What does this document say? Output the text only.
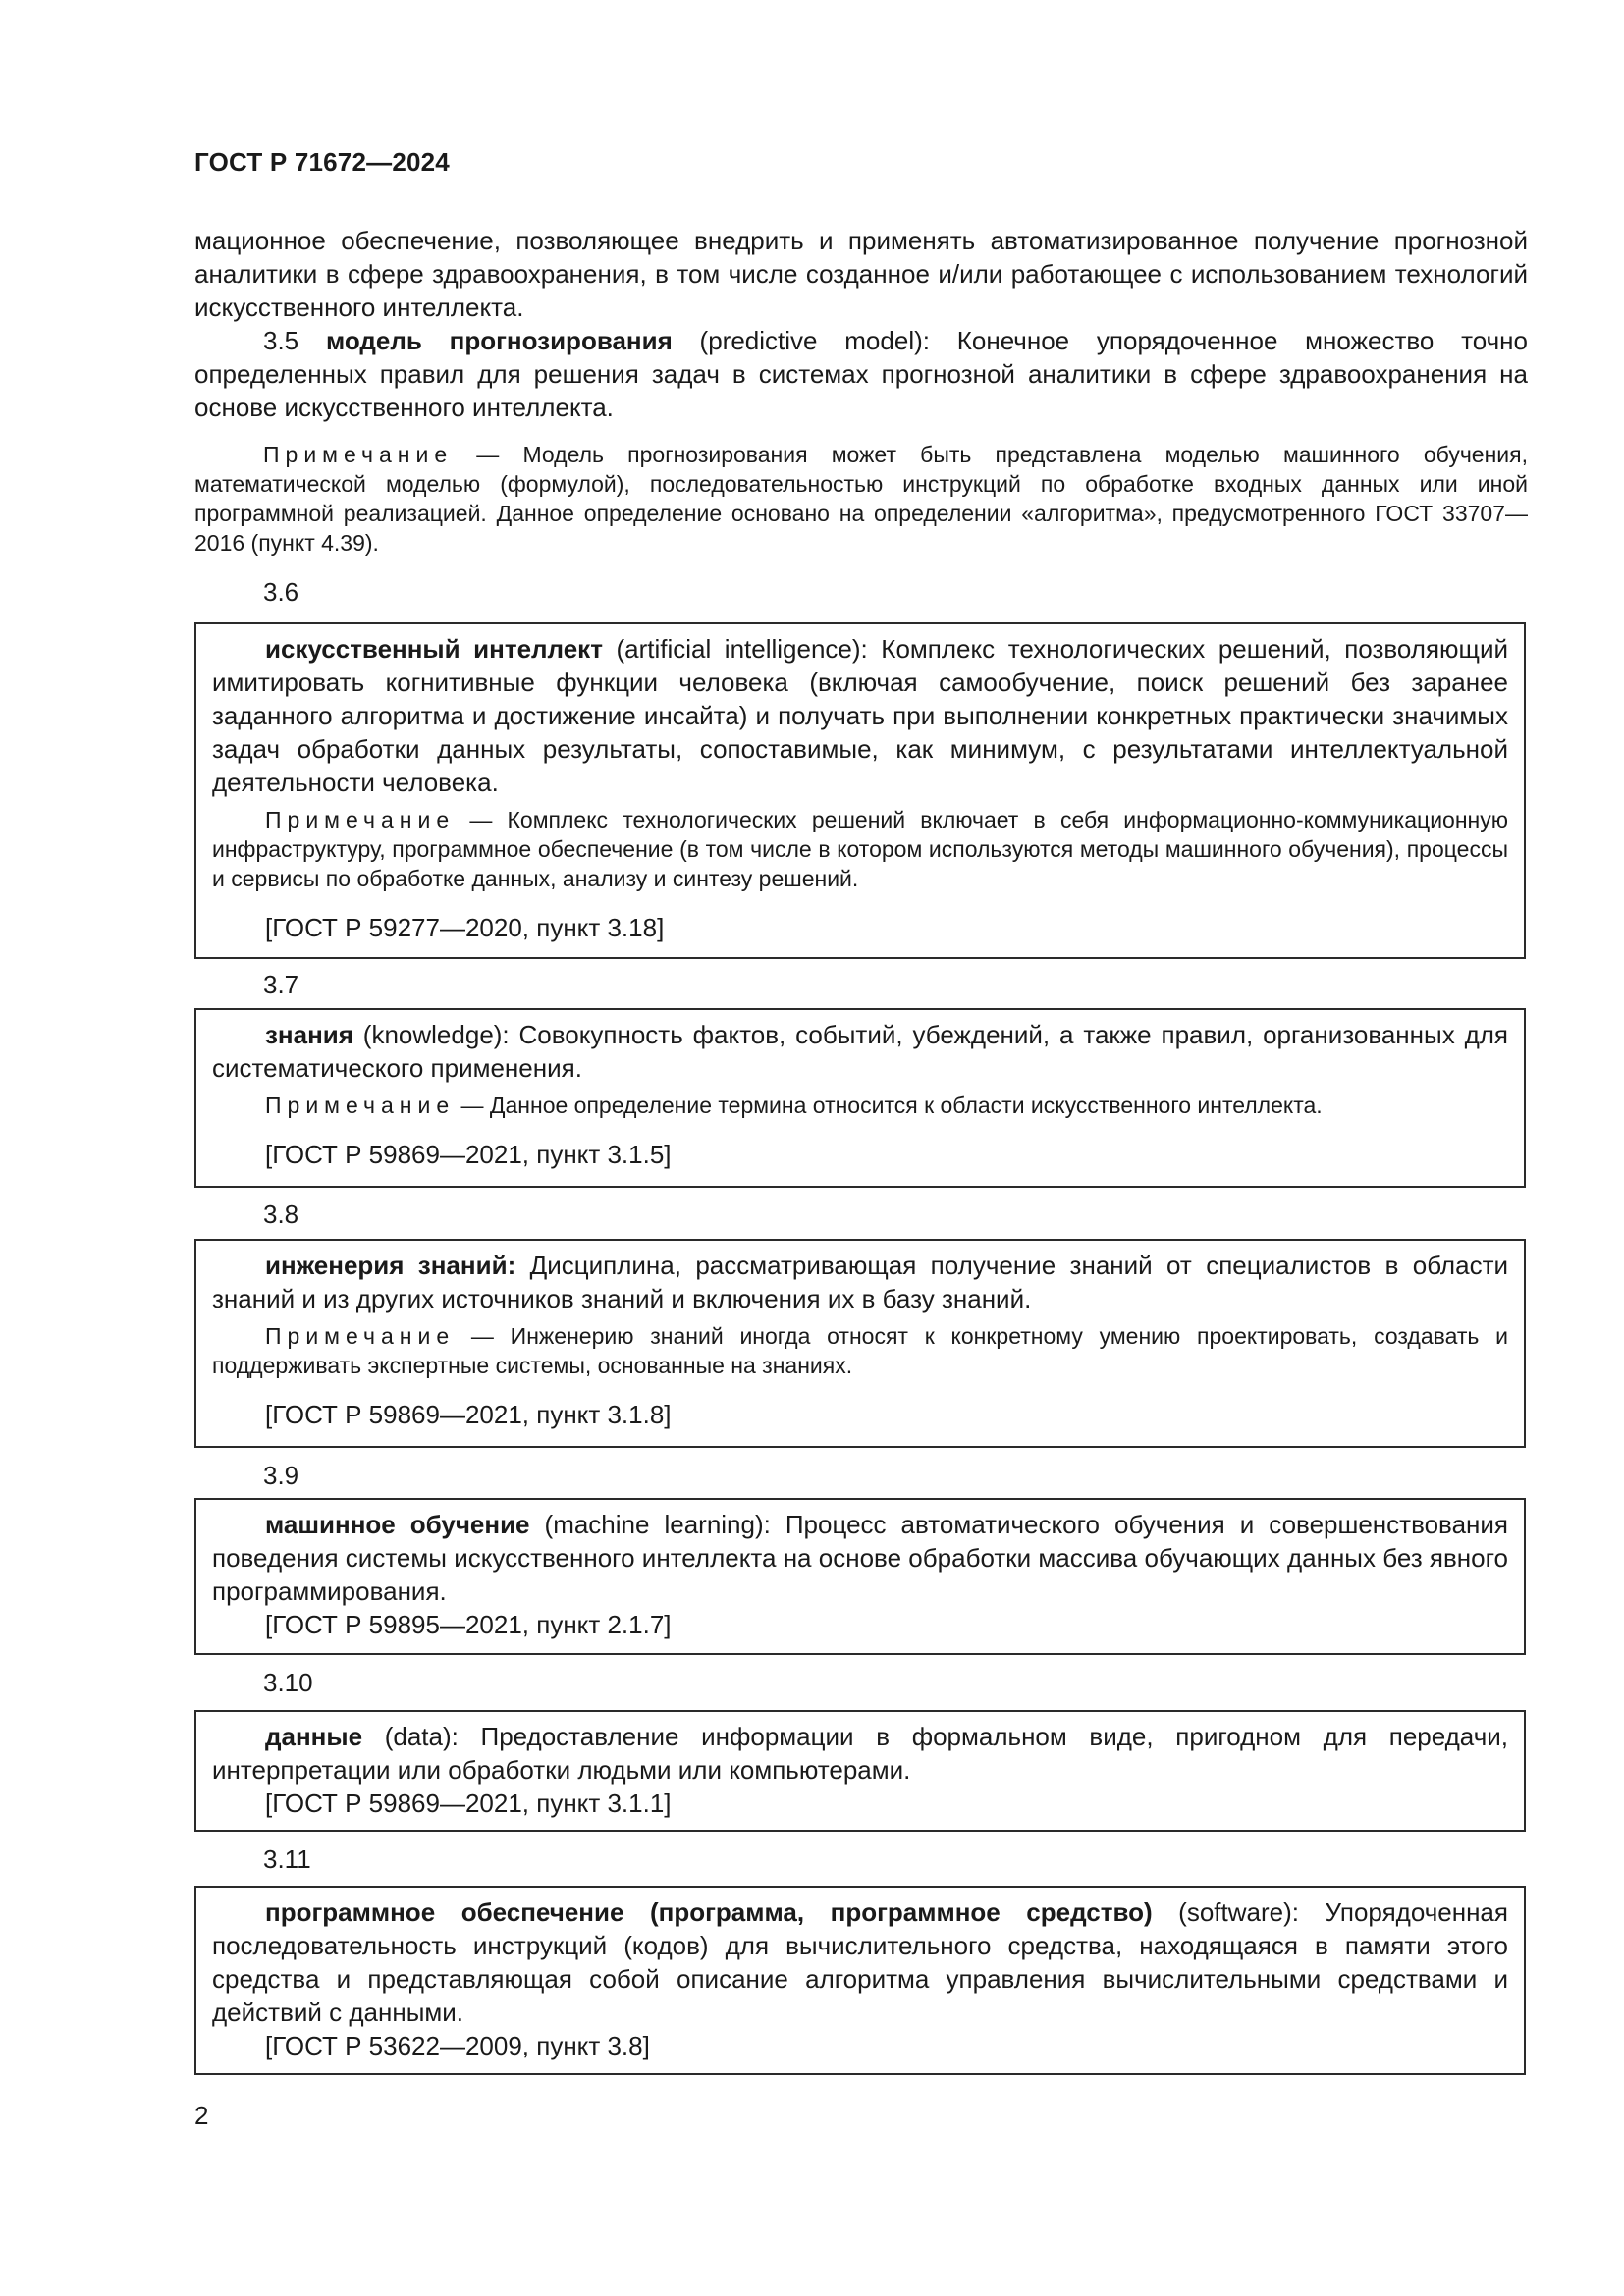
ГОСТ Р 71672—2024

мационное обеспечение, позволяющее внедрить и применять автоматизированное получение прогнозной аналитики в сфере здравоохранения, в том числе созданное и/или работающее с использованием технологий искусственного интеллекта.

3.5 модель прогнозирования (predictive model): Конечное упорядоченное множество точно определенных правил для решения задач в системах прогнозной аналитики в сфере здравоохранения на основе искусственного интеллекта.

Примечание — Модель прогнозирования может быть представлена моделью машинного обучения, математической моделью (формулой), последовательностью инструкций по обработке входных данных или иной программной реализацией. Данное определение основано на определении «алгоритма», предусмотренного ГОСТ 33707—2016 (пункт 4.39).

3.6

искусственный интеллект (artificial intelligence): Комплекс технологических решений, позволяющий имитировать когнитивные функции человека (включая самообучение, поиск решений без заранее заданного алгоритма и достижение инсайта) и получать при выполнении конкретных практически значимых задач обработки данных результаты, сопоставимые, как минимум, с результатами интеллектуальной деятельности человека.

Примечание — Комплекс технологических решений включает в себя информационно-коммуникационную инфраструктуру, программное обеспечение (в том числе в котором используются методы машинного обучения), процессы и сервисы по обработке данных, анализу и синтезу решений.

[ГОСТ Р 59277—2020, пункт 3.18]

3.7

знания (knowledge): Совокупность фактов, событий, убеждений, а также правил, организованных для систематического применения.

Примечание — Данное определение термина относится к области искусственного интеллекта.

[ГОСТ Р 59869—2021, пункт 3.1.5]

3.8

инженерия знаний: Дисциплина, рассматривающая получение знаний от специалистов в области знаний и из других источников знаний и включения их в базу знаний.

Примечание — Инженерию знаний иногда относят к конкретному умению проектировать, создавать и поддерживать экспертные системы, основанные на знаниях.

[ГОСТ Р 59869—2021, пункт 3.1.8]

3.9

машинное обучение (machine learning): Процесс автоматического обучения и совершенствования поведения системы искусственного интеллекта на основе обработки массива обучающих данных без явного программирования.

[ГОСТ Р 59895—2021, пункт 2.1.7]

3.10

данные (data): Предоставление информации в формальном виде, пригодном для передачи, интерпретации или обработки людьми или компьютерами.

[ГОСТ Р 59869—2021, пункт 3.1.1]

3.11

программное обеспечение (программа, программное средство) (software): Упорядоченная последовательность инструкций (кодов) для вычислительного средства, находящаяся в памяти этого средства и представляющая собой описание алгоритма управления вычислительными средствами и действий с данными.

[ГОСТ Р 53622—2009, пункт 3.8]

2
